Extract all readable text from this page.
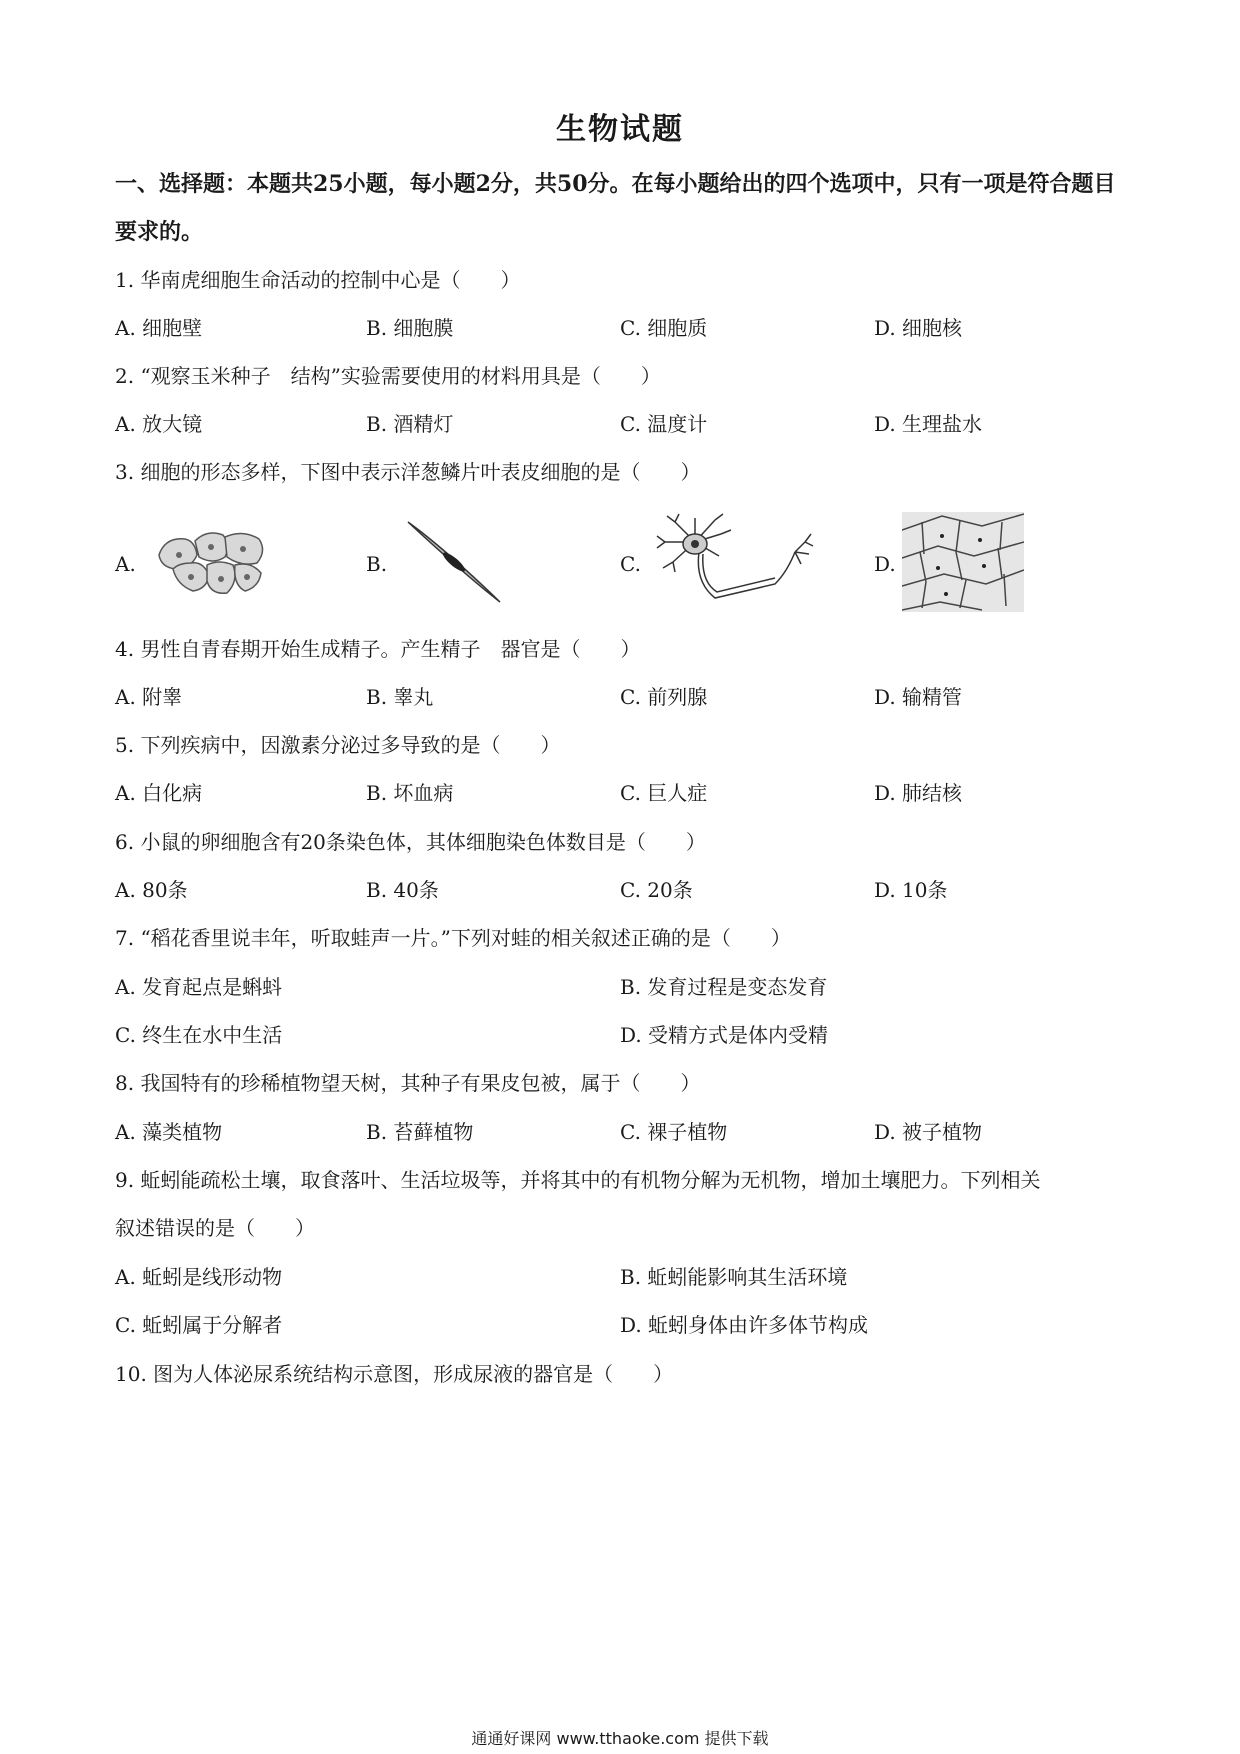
生物试题
一、选择题：本题共25小题，每小题2分，共50分。在每小题给出的四个选项中，只有一项是符合题目要求的。
1. 华南虎细胞生命活动的控制中心是（　　）
A. 细胞壁	B. 细胞膜	C. 细胞质	D. 细胞核
2. “观察玉米种子　结构”实验需要使用的材料用具是（　　）
A. 放大镜	B. 酒精灯	C. 温度计	D. 生理盐水
3. 细胞的形态多样，下图中表示洋葱鳞片叶表皮细胞的是（　　）
A.	B.	C.	D.
4. 男性自青春期开始生成精子。产生精子　器官是（　　）
A. 附睾	B. 睾丸	C. 前列腺	D. 输精管
5. 下列疾病中，因激素分泌过多导致的是（　　）
A. 白化病	B. 坏血病	C. 巨人症	D. 肺结核
6. 小鼠的卵细胞含有20条染色体，其体细胞染色体数目是（　　）
A. 80条	B. 40条	C. 20条	D. 10条
7. “稻花香里说丰年，听取蛙声一片。”下列对蛙的相关叙述正确的是（　　）
A. 发育起点是蝌蚪	B. 发育过程是变态发育
C. 终生在水中生活	D. 受精方式是体内受精
8. 我国特有的珍稀植物望天树，其种子有果皮包被，属于（　　）
A. 藻类植物	B. 苔藓植物	C. 裸子植物	D. 被子植物
9. 蚯蚓能疏松土壤，取食落叶、生活垃圾等，并将其中的有机物分解为无机物，增加土壤肥力。下列相关
叙述错误的是（　　）
A. 蚯蚓是线形动物	B. 蚯蚓能影响其生活环境
C. 蚯蚓属于分解者	D. 蚯蚓身体由许多体节构成
10. 图为人体泌尿系统结构示意图，形成尿液的器官是（　　）
通通好课网 www.tthaoke.com 提供下载
